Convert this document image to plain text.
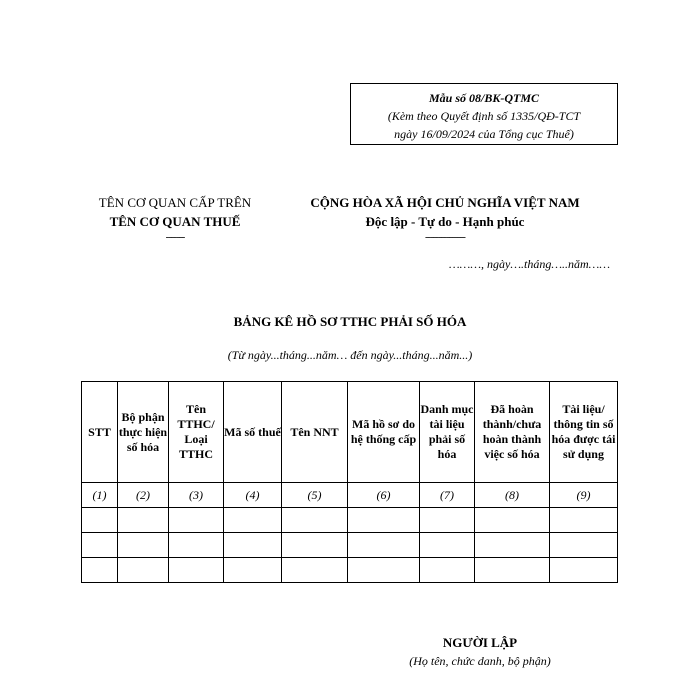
Mẫu số 08/BK-QTMC
(Kèm theo Quyết định số 1335/QĐ-TCT
ngày 16/09/2024 của Tổng cục Thuế)
TÊN CƠ QUAN CẤP TRÊN
TÊN CƠ QUAN THUẾ
-------
CỘNG HÒA XÃ HỘI CHỦ NGHĨA VIỆT NAM
Độc lập - Tự do - Hạnh phúc
---------------
………, ngày….tháng…..năm……
BẢNG KÊ HỒ SƠ TTHC PHẢI SỐ HÓA
(Từ ngày...tháng...năm… đến ngày...tháng...năm...)
STT	Bộ phận thực hiện số hóa	Tên TTHC/ Loại TTHC	Mã số thuế	Tên NNT	Mã hồ sơ do hệ thống cấp	Danh mục tài liệu phải số hóa	Đã hoàn thành/chưa hoàn thành việc số hóa	Tài liệu/ thông tin số hóa được tái sử dụng
(1)	(2)	(3)	(4)	(5)	(6)	(7)	(8)	(9)

NGƯỜI LẬP
(Họ tên, chức danh, bộ phận)
